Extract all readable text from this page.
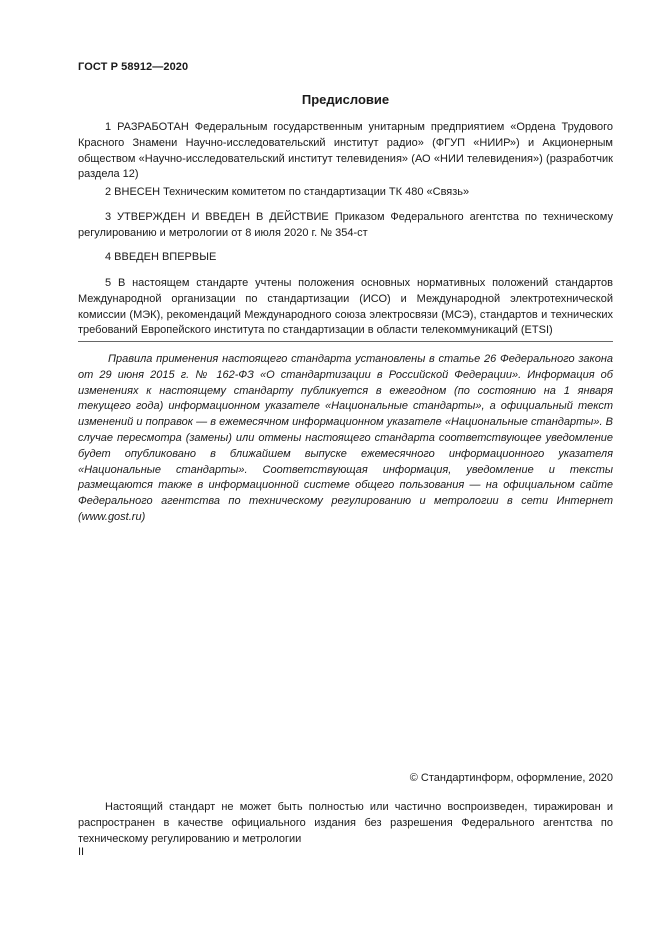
ГОСТ Р 58912—2020
Предисловие

1 РАЗРАБОТАН Федеральным государственным унитарным предприятием «Ордена Трудового Красного Знамени Научно-исследовательский институт радио» (ФГУП «НИИР») и Акционерным обществом «Научно-исследовательский институт телевидения» (АО «НИИ телевидения») (разработчик раздела 12)

2 ВНЕСЕН Техническим комитетом по стандартизации ТК 480 «Связь»

3 УТВЕРЖДЕН И ВВЕДЕН В ДЕЙСТВИЕ Приказом Федерального агентства по техническому регулированию и метрологии от 8 июля 2020 г. № 354-ст

4 ВВЕДЕН ВПЕРВЫЕ

5 В настоящем стандарте учтены положения основных нормативных положений стандартов Международной организации по стандартизации (ИСО) и Международной электротехнической комиссии (МЭК), рекомендаций Международного союза электросвязи (МСЭ), стандартов и технических требований Европейского института по стандартизации в области телекоммуникаций (ETSI)

Правила применения настоящего стандарта установлены в статье 26 Федерального закона от 29 июня 2015 г. № 162-ФЗ «О стандартизации в Российской Федерации». Информация об изменениях к настоящему стандарту публикуется в ежегодном (по состоянию на 1 января текущего года) информационном указателе «Национальные стандарты», а официальный текст изменений и поправок — в ежемесячном информационном указателе «Национальные стандарты». В случае пересмотра (замены) или отмены настоящего стандарта соответствующее уведомление будет опубликовано в ближайшем выпуске ежемесячного информационного указателя «Национальные стандарты». Соответствующая информация, уведомление и тексты размещаются также в информационной системе общего пользования — на официальном сайте Федерального агентства по техническому регулированию и метрологии в сети Интернет (www.gost.ru)

© Стандартинформ, оформление, 2020

Настоящий стандарт не может быть полностью или частично воспроизведен, тиражирован и распространен в качестве официального издания без разрешения Федерального агентства по техническому регулированию и метрологии

II
